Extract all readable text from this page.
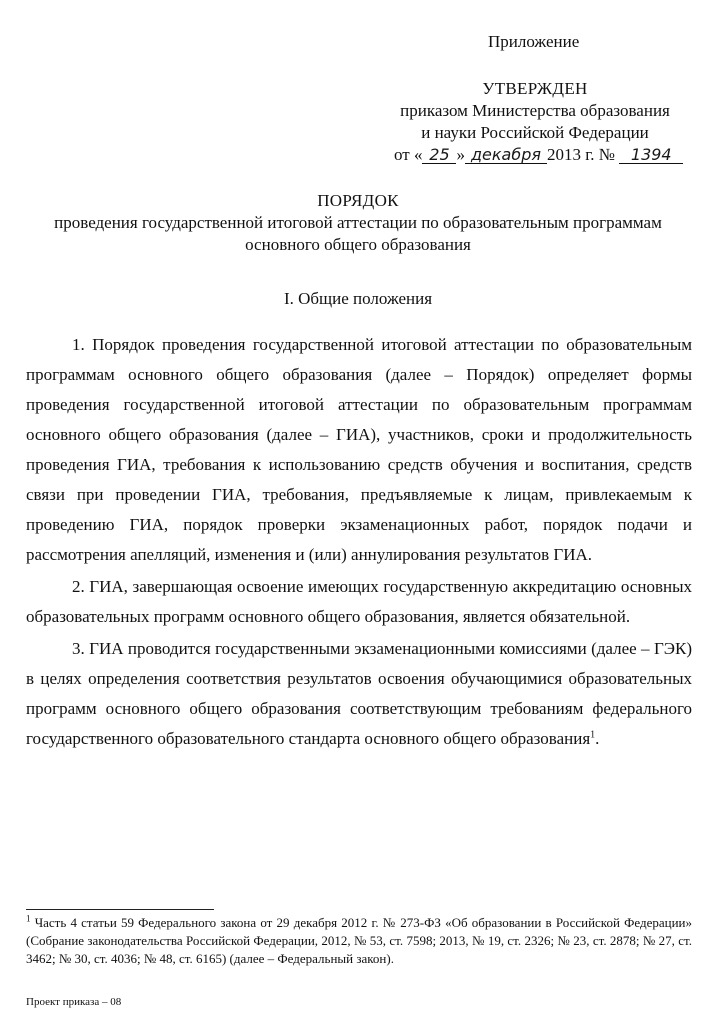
Приложение
УТВЕРЖДЕН
приказом Министерства образования
и науки Российской Федерации
от « 25 » декабря 2013 г. № 1394
ПОРЯДОК
проведения государственной итоговой аттестации по образовательным программам
основного общего образования
I. Общие положения

1. Порядок проведения государственной итоговой аттестации по образовательным программам основного общего образования (далее – Порядок) определяет формы проведения государственной итоговой аттестации по образовательным программам основного общего образования (далее – ГИА), участников, сроки и продолжительность проведения ГИА, требования к использованию средств обучения и воспитания, средств связи при проведении ГИА, требования, предъявляемые к лицам, привлекаемым к проведению ГИА, порядок проверки экзаменационных работ, порядок подачи и рассмотрения апелляций, изменения и (или) аннулирования результатов ГИА.

2. ГИА, завершающая освоение имеющих государственную аккредитацию основных образовательных программ основного общего образования, является обязательной.

3. ГИА проводится государственными экзаменационными комиссиями (далее – ГЭК) в целях определения соответствия результатов освоения обучающимися образовательных программ основного общего образования соответствующим требованиям федерального государственного образовательного стандарта основного общего образования$^1$.

$^1$ Часть 4 статьи 59 Федерального закона от 29 декабря 2012 г. № 273-ФЗ «Об образовании в Российской Федерации» (Собрание законодательства Российской Федерации, 2012, № 53, ст. 7598; 2013, № 19, ст. 2326; № 23, ст. 2878; № 27, ст. 3462; № 30, ст. 4036; № 48, ст. 6165) (далее – Федеральный закон).
Проект приказа – 08
